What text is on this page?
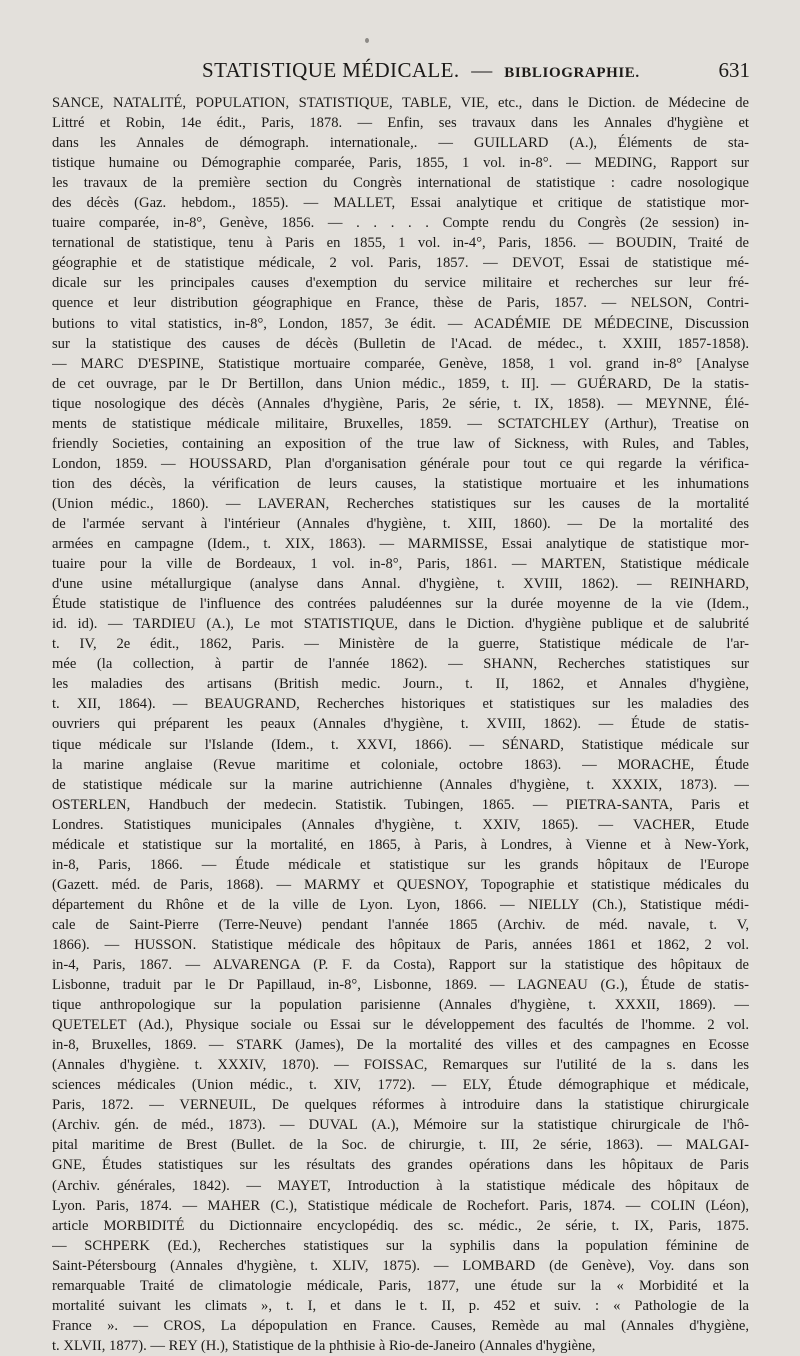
STATISTIQUE MÉDICALE. — BIBLIOGRAPHIE.	631
SANCE, NATALITÉ, POPULATION, STATISTIQUE, TABLE, VIE, etc., dans le Diction. de Médecine de
Littré et Robin, 14e édit., Paris, 1878. — Enfin, ses travaux dans les Annales d'hygiène et
dans les Annales de démograph. internationale,. — GUILLARD (A.), Éléments de sta-
tistique humaine ou Démographie comparée, Paris, 1855, 1 vol. in-8°. — MEDING, Rapport sur
les travaux de la première section du Congrès international de statistique : cadre nosologique
des décès (Gaz. hebdom., 1855). — MALLET, Essai analytique et critique de statistique mor-
tuaire comparée, in-8°, Genève, 1856. — . . . . . Compte rendu du Congrès (2e session) in-
ternational de statistique, tenu à Paris en 1855, 1 vol. in-4°, Paris, 1856. — BOUDIN, Traité de
géographie et de statistique médicale, 2 vol. Paris, 1857. — DEVOT, Essai de statistique mé-
dicale sur les principales causes d'exemption du service militaire et recherches sur leur fré-
quence et leur distribution géographique en France, thèse de Paris, 1857. — NELSON, Contri-
butions to vital statistics, in-8°, London, 1857, 3e édit. — ACADÉMIE DE MÉDECINE, Discussion
sur la statistique des causes de décès (Bulletin de l'Acad. de médec., t. XXIII, 1857-1858).
— MARC D'ESPINE, Statistique mortuaire comparée, Genève, 1858, 1 vol. grand in-8° [Analyse
de cet ouvrage, par le Dr Bertillon, dans Union médic., 1859, t. II]. — GUÉRARD, De la statis-
tique nosologique des décès (Annales d'hygiène, Paris, 2e série, t. IX, 1858). — MEYNNE, Élé-
ments de statistique médicale militaire, Bruxelles, 1859. — SCTATCHLEY (Arthur), Treatise on
friendly Societies, containing an exposition of the true law of Sickness, with Rules, and Tables,
London, 1859. — HOUSSARD, Plan d'organisation générale pour tout ce qui regarde la vérifica-
tion des décès, la vérification de leurs causes, la statistique mortuaire et les inhumations
(Union médic., 1860). — LAVERAN, Recherches statistiques sur les causes de la mortalité
de l'armée servant à l'intérieur (Annales d'hygiène, t. XIII, 1860). — De la mortalité des
armées en campagne (Idem., t. XIX, 1863). — MARMISSE, Essai analytique de statistique mor-
tuaire pour la ville de Bordeaux, 1 vol. in-8°, Paris, 1861. — MARTEN, Statistique médicale
d'une usine métallurgique (analyse dans Annal. d'hygiène, t. XVIII, 1862). — REINHARD,
Étude statistique de l'influence des contrées paludéennes sur la durée moyenne de la vie (Idem.,
id. id). — TARDIEU (A.), Le mot STATISTIQUE, dans le Diction. d'hygiène publique et de salubrité
t. IV, 2e édit., 1862, Paris. — Ministère de la guerre, Statistique médicale de l'ar-
mée (la collection, à partir de l'année 1862). — SHANN, Recherches statistiques sur
les maladies des artisans (British medic. Journ., t. II, 1862, et Annales d'hygiène,
t. XII, 1864). — BEAUGRAND, Recherches historiques et statistiques sur les maladies des
ouvriers qui préparent les peaux (Annales d'hygiène, t. XVIII, 1862). — Étude de statis-
tique médicale sur l'Islande (Idem., t. XXVI, 1866). — SÉNARD, Statistique médicale sur
la marine anglaise (Revue maritime et coloniale, octobre 1863). — MORACHE, Étude
de statistique médicale sur la marine autrichienne (Annales d'hygiène, t. XXXIX, 1873). —
OSTERLEN, Handbuch der medecin. Statistik. Tubingen, 1865. — PIETRA-SANTA, Paris et
Londres. Statistiques municipales (Annales d'hygiène, t. XXIV, 1865). — VACHER, Etude
médicale et statistique sur la mortalité, en 1865, à Paris, à Londres, à Vienne et à New-York,
in-8, Paris, 1866. — Étude médicale et statistique sur les grands hôpitaux de l'Europe
(Gazett. méd. de Paris, 1868). — MARMY et QUESNOY, Topographie et statistique médicales du
département du Rhône et de la ville de Lyon. Lyon, 1866. — NIELLY (Ch.), Statistique médi-
cale de Saint-Pierre (Terre-Neuve) pendant l'année 1865 (Archiv. de méd. navale, t. V,
1866). — HUSSON. Statistique médicale des hôpitaux de Paris, années 1861 et 1862, 2 vol.
in-4, Paris, 1867. — ALVARENGA (P. F. da Costa), Rapport sur la statistique des hôpitaux de
Lisbonne, traduit par le Dr Papillaud, in-8°, Lisbonne, 1869. — LAGNEAU (G.), Étude de statis-
tique anthropologique sur la population parisienne (Annales d'hygiène, t. XXXII, 1869). —
QUETELET (Ad.), Physique sociale ou Essai sur le développement des facultés de l'homme. 2 vol.
in-8, Bruxelles, 1869. — STARK (James), De la mortalité des villes et des campagnes en Ecosse
(Annales d'hygiène. t. XXXIV, 1870). — FOISSAC, Remarques sur l'utilité de la s. dans les
sciences médicales (Union médic., t. XIV, 1772). — ELY, Étude démographique et médicale,
Paris, 1872. — VERNEUIL, De quelques réformes à introduire dans la statistique chirurgicale
(Archiv. gén. de méd., 1873). — DUVAL (A.), Mémoire sur la statistique chirurgicale de l'hô-
pital maritime de Brest (Bullet. de la Soc. de chirurgie, t. III, 2e série, 1863). — MALGAI-
GNE, Études statistiques sur les résultats des grandes opérations dans les hôpitaux de Paris
(Archiv. générales, 1842). — MAYET, Introduction à la statistique médicale des hôpitaux de
Lyon. Paris, 1874. — MAHER (C.), Statistique médicale de Rochefort. Paris, 1874. — COLIN (Léon),
article MORBIDITÉ du Dictionnaire encyclopédiq. des sc. médic., 2e série, t. IX, Paris, 1875.
— SCHPERK (Ed.), Recherches statistiques sur la syphilis dans la population féminine de
Saint-Pétersbourg (Annales d'hygiène, t. XLIV, 1875). — LOMBARD (de Genève), Voy. dans son
remarquable Traité de climatologie médicale, Paris, 1877, une étude sur la « Morbidité et la
mortalité suivant les climats », t. I, et dans le t. II, p. 452 et suiv. : « Pathologie de la
France ». — CROS, La dépopulation en France. Causes, Remède au mal (Annales d'hygiène,
t. XLVII, 1877). — REY (H.), Statistique de la phthisie à Rio-de-Janeiro (Annales d'hygiène,
